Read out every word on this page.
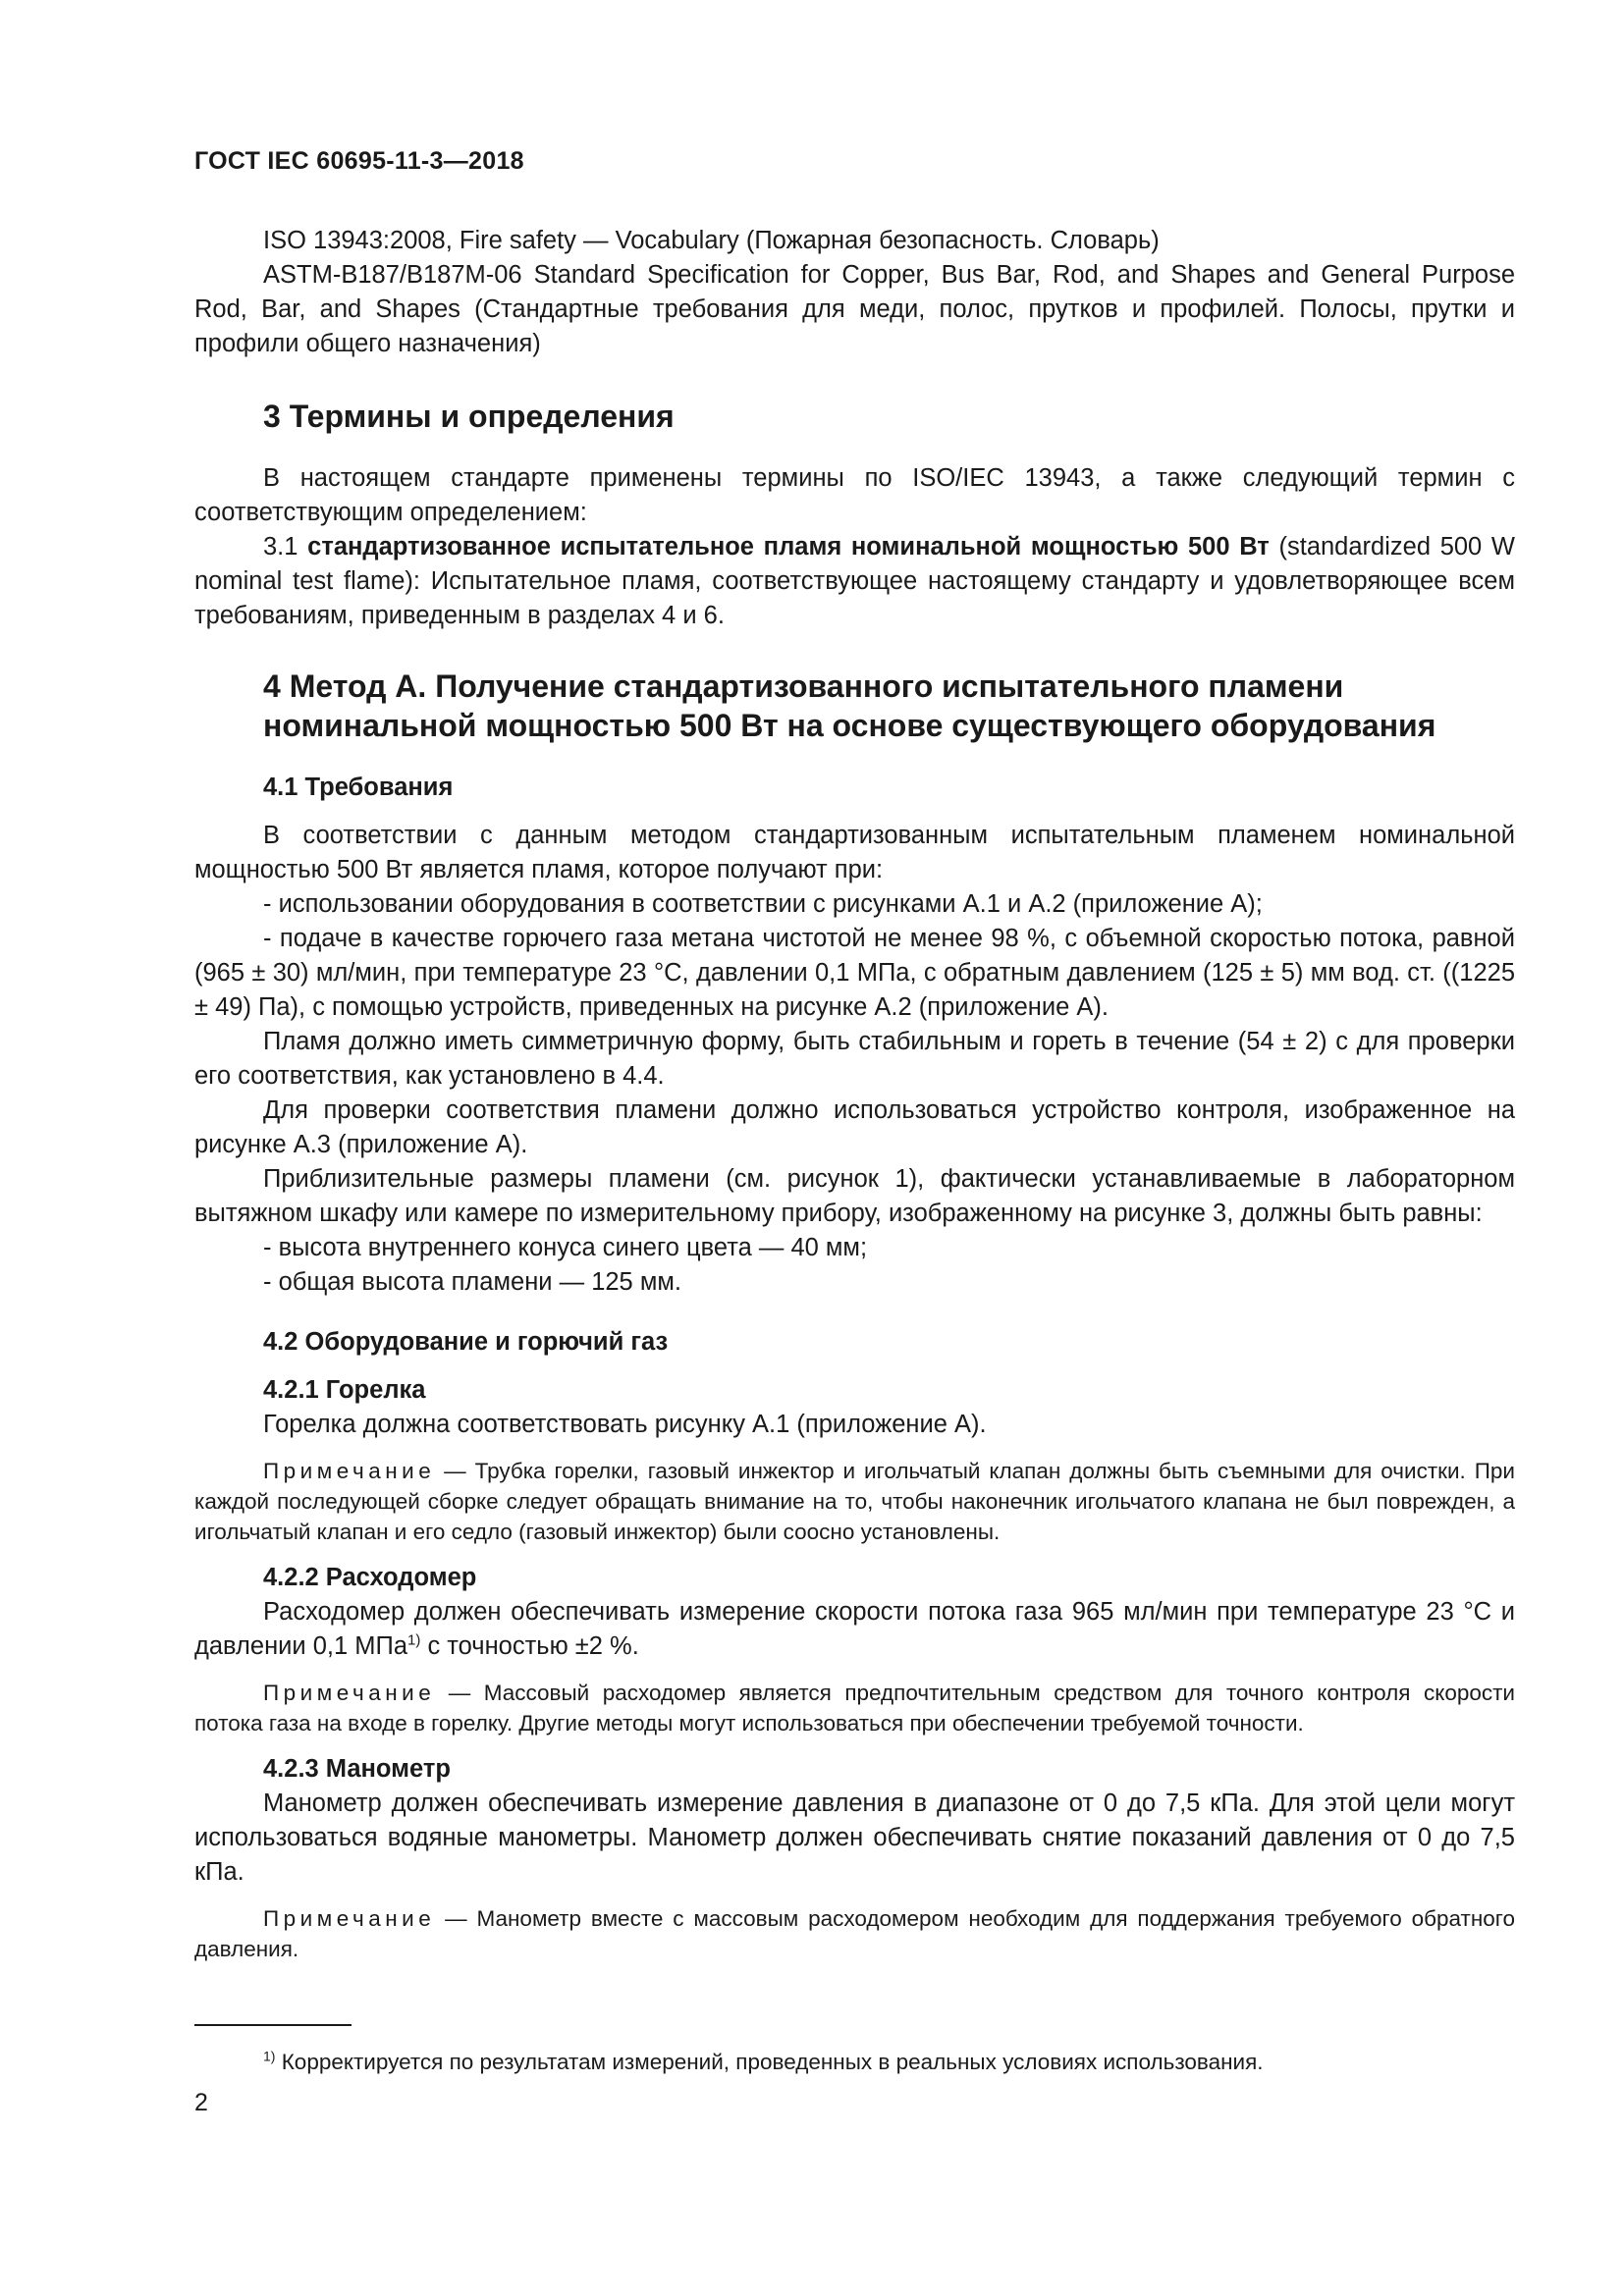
ГОСТ IEC 60695-11-3—2018

ISO 13943:2008, Fire safety — Vocabulary (Пожарная безопасность. Словарь)

ASTM-B187/B187M-06 Standard Specification for Copper, Bus Bar, Rod, and Shapes and General Purpose Rod, Bar, and Shapes (Стандартные требования для меди, полос, прутков и профилей. Полосы, прутки и профили общего назначения)

3 Термины и определения

В настоящем стандарте применены термины по ISO/IEC 13943, а также следующий термин с соответствующим определением:

3.1 стандартизованное испытательное пламя номинальной мощностью 500 Вт (standardized 500 W nominal test flame): Испытательное пламя, соответствующее настоящему стандарту и удовлетворяющее всем требованиям, приведенным в разделах 4 и 6.

4 Метод А. Получение стандартизованного испытательного пламени
номинальной мощностью 500 Вт на основе существующего оборудования
4.1 Требования

В соответствии с данным методом стандартизованным испытательным пламенем номинальной мощностью 500 Вт является пламя, которое получают при:

- использовании оборудования в соответствии с рисунками А.1 и А.2 (приложение А);

- подаче в качестве горючего газа метана чистотой не менее 98 %, с объемной скоростью потока, равной (965 ± 30) мл/мин, при температуре 23 °С, давлении 0,1 МПа, с обратным давлением (125 ± 5) мм вод. ст. ((1225 ± 49) Па), с помощью устройств, приведенных на рисунке А.2 (приложение А).

Пламя должно иметь симметричную форму, быть стабильным и гореть в течение (54 ± 2) с для проверки его соответствия, как установлено в 4.4.

Для проверки соответствия пламени должно использоваться устройство контроля, изображенное на рисунке А.3 (приложение А).

Приблизительные размеры пламени (см. рисунок 1), фактически устанавливаемые в лабораторном вытяжном шкафу или камере по измерительному прибору, изображенному на рисунке 3, должны быть равны:

- высота внутреннего конуса синего цвета — 40 мм;

- общая высота пламени — 125 мм.

4.2 Оборудование и горючий газ
4.2.1 Горелка

Горелка должна соответствовать рисунку А.1 (приложение А).

Примечание — Трубка горелки, газовый инжектор и игольчатый клапан должны быть съемными для очистки. При каждой последующей сборке следует обращать внимание на то, чтобы наконечник игольчатого клапана не был поврежден, а игольчатый клапан и его седло (газовый инжектор) были соосно установлены.

4.2.2 Расходомер

Расходомер должен обеспечивать измерение скорости потока газа 965 мл/мин при температуре 23 °С и давлении 0,1 МПа$^{1)}$ с точностью ±2 %.

Примечание — Массовый расходомер является предпочтительным средством для точного контроля скорости потока газа на входе в горелку. Другие методы могут использоваться при обеспечении требуемой точности.

4.2.3 Манометр

Манометр должен обеспечивать измерение давления в диапазоне от 0 до 7,5 кПа. Для этой цели могут использоваться водяные манометры. Манометр должен обеспечивать снятие показаний давления от 0 до 7,5 кПа.

Примечание — Манометр вместе с массовым расходомером необходим для поддержания требуемого обратного давления.

$^{1)}$ Корректируется по результатам измерений, проведенных в реальных условиях использования.
2
